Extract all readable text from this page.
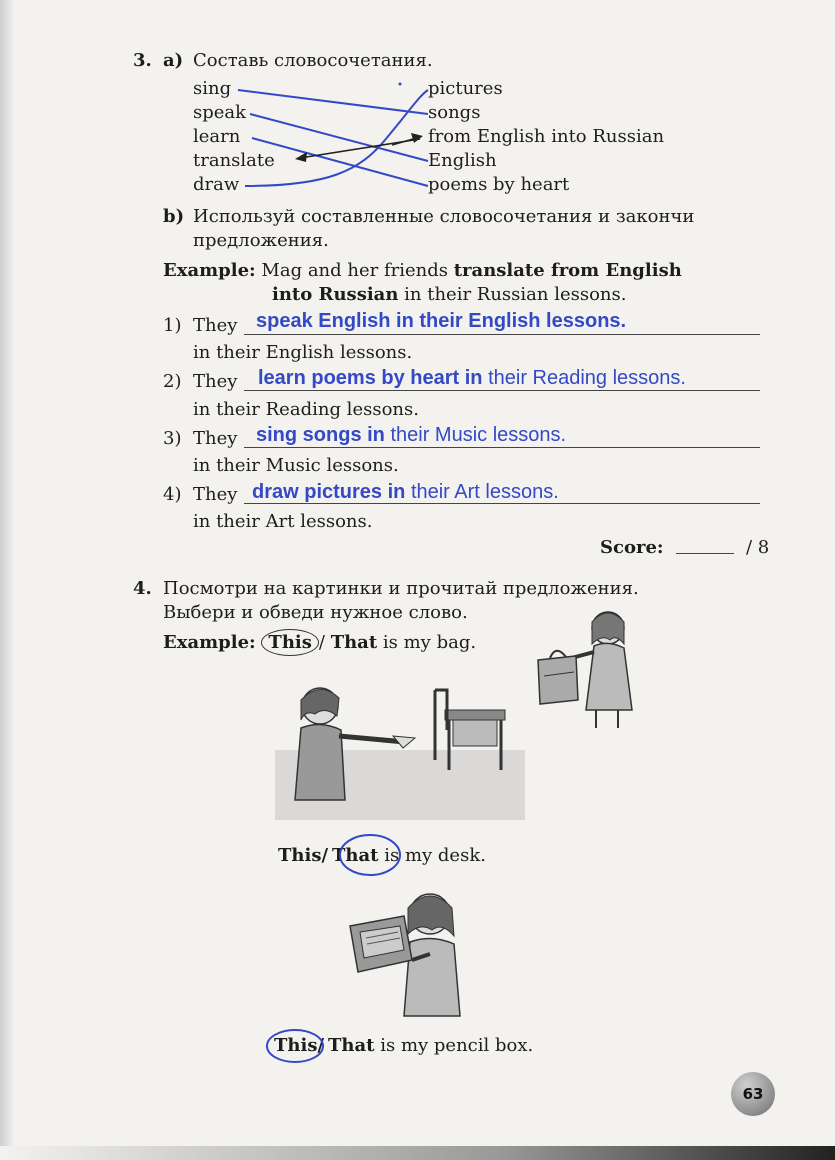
3. a) Составь словосочетания.
sing
speak
learn
translate
draw
pictures
songs
from English into Russian
English
poems by heart
b) Используй составленные словосочетания и закончи
предложения.
Example: Mag and her friends translate from English
into Russian in their Russian lessons.
1) They speak English in their English lessons.
in their English lessons.
2) They learn poems by heart in their Reading lessons.
in their Reading lessons.
3) They sing songs in their Music lessons.
in their Music lessons.
4) They draw pictures in their Art lessons.
in their Art lessons.
Score:	/ 8
4. Посмотри на картинки и прочитай предложения.
Выбери и обведи нужное слово.
Example: This / That is my bag.
This/ That is my desk.
This/ That is my pencil box.
63
